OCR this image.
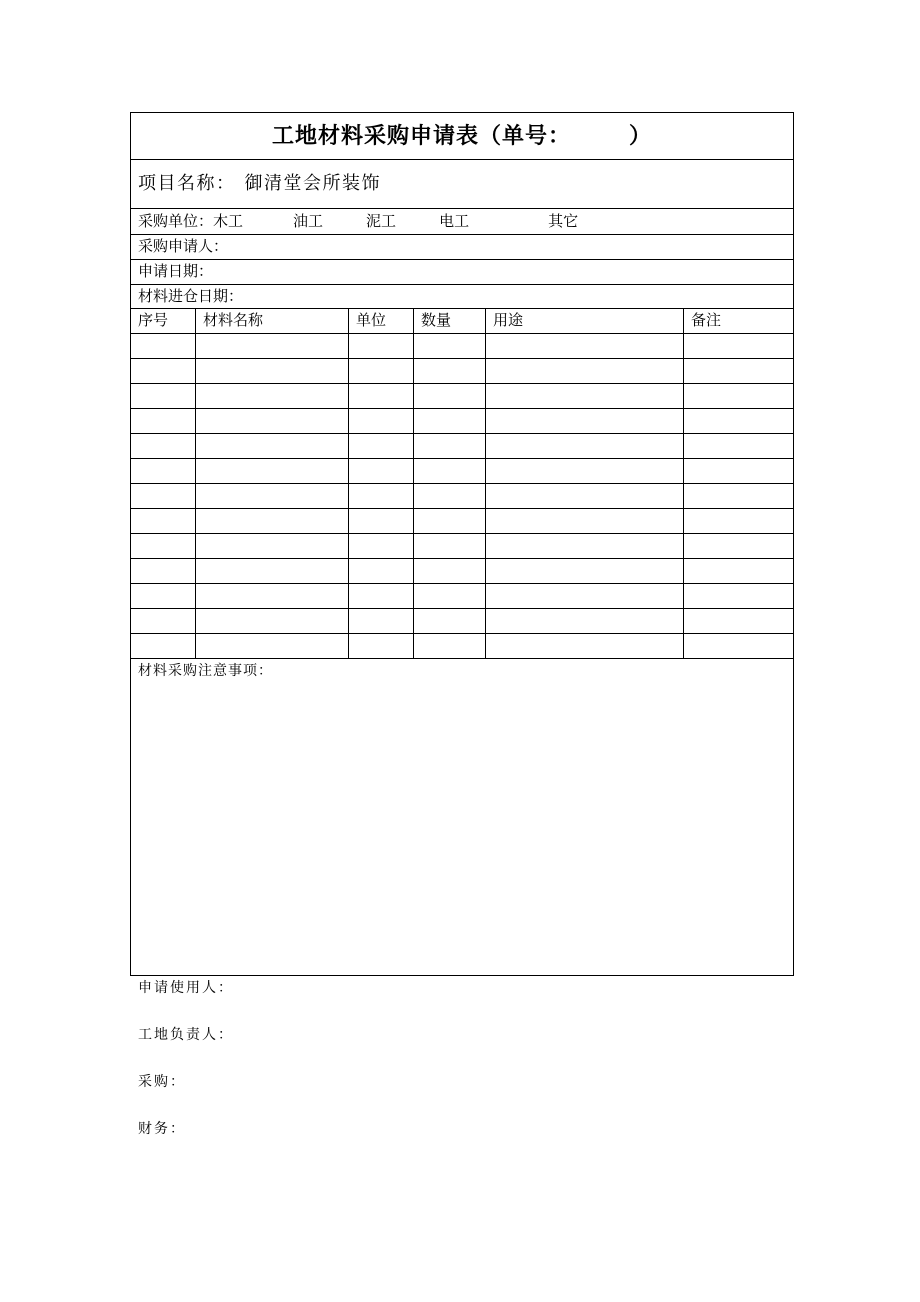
工地材料采购申请表（单号：　　　）					
项目名称： 御清堂会所装饰					
采购单位：木工 油工 泥工 电工 其它					
采购申请人：					
申请日期：					
材料进仓日期：					
序号	材料名称	单位	数量	用途	备注

材料采购注意事项：					
申请使用人：
工地负责人：
采购：
财务：
